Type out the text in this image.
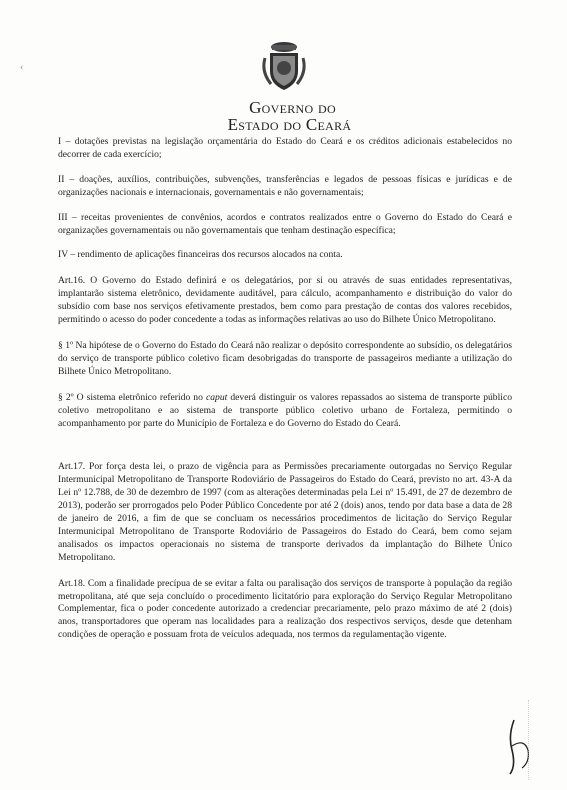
‹
Governo do
Estado do Ceará

I – dotações previstas na legislação orçamentária do Estado do Ceará e os créditos adicionais estabelecidos no decorrer de cada exercício;

II – doações, auxílios, contribuições, subvenções, transferências e legados de pessoas físicas e jurídicas e de organizações nacionais e internacionais, governamentais e não governamentais;

III – receitas provenientes de convênios, acordos e contratos realizados entre o Governo do Estado do Ceará e organizações governamentais ou não governamentais que tenham destinação específica;

IV – rendimento de aplicações financeiras dos recursos alocados na conta.

Art.16. O Governo do Estado definirá e os delegatários, por si ou através de suas entidades representativas, implantarão sistema eletrônico, devidamente auditável, para cálculo, acompanhamento e distribuição do valor do subsídio com base nos serviços efetivamente prestados, bem como para prestação de contas dos valores recebidos, permitindo o acesso do poder concedente a todas as informações relativas ao uso do Bilhete Único Metropolitano.

§ 1º Na hipótese de o Governo do Estado do Ceará não realizar o depósito correspondente ao subsídio, os delegatários do serviço de transporte público coletivo ficam desobrigadas do transporte de passageiros mediante a utilização do Bilhete Único Metropolitano.

§ 2º O sistema eletrônico referido no caput deverá distinguir os valores repassados ao sistema de transporte público coletivo metropolitano e ao sistema de transporte público coletivo urbano de Fortaleza, permitindo o acompanhamento por parte do Município de Fortaleza e do Governo do Estado do Ceará.

Art.17. Por força desta lei, o prazo de vigência para as Permissões precariamente outorgadas no Serviço Regular Intermunicipal Metropolitano de Transporte Rodoviário de Passageiros do Estado do Ceará, previsto no art. 43-A da Lei nº 12.788, de 30 de dezembro de 1997 (com as alterações determinadas pela Lei nº 15.491, de 27 de dezembro de 2013), poderão ser prorrogados pelo Poder Público Concedente por até 2 (dois) anos, tendo por data base a data de 28 de janeiro de 2016, a fim de que se concluam os necessários procedimentos de licitação do Serviço Regular Intermunicipal Metropolitano de Transporte Rodoviário de Passageiros do Estado do Ceará, bem como sejam analisados os impactos operacionais no sistema de transporte derivados da implantação do Bilhete Único Metropolitano.

Art.18. Com a finalidade precípua de se evitar a falta ou paralisação dos serviços de transporte à população da região metropolitana, até que seja concluído o procedimento licitatório para exploração do Serviço Regular Metropolitano Complementar, fica o poder concedente autorizado a credenciar precariamente, pelo prazo máximo de até 2 (dois) anos, transportadores que operam nas localidades para a realização dos respectivos serviços, desde que detenham condições de operação e possuam frota de veículos adequada, nos termos da regulamentação vigente.
